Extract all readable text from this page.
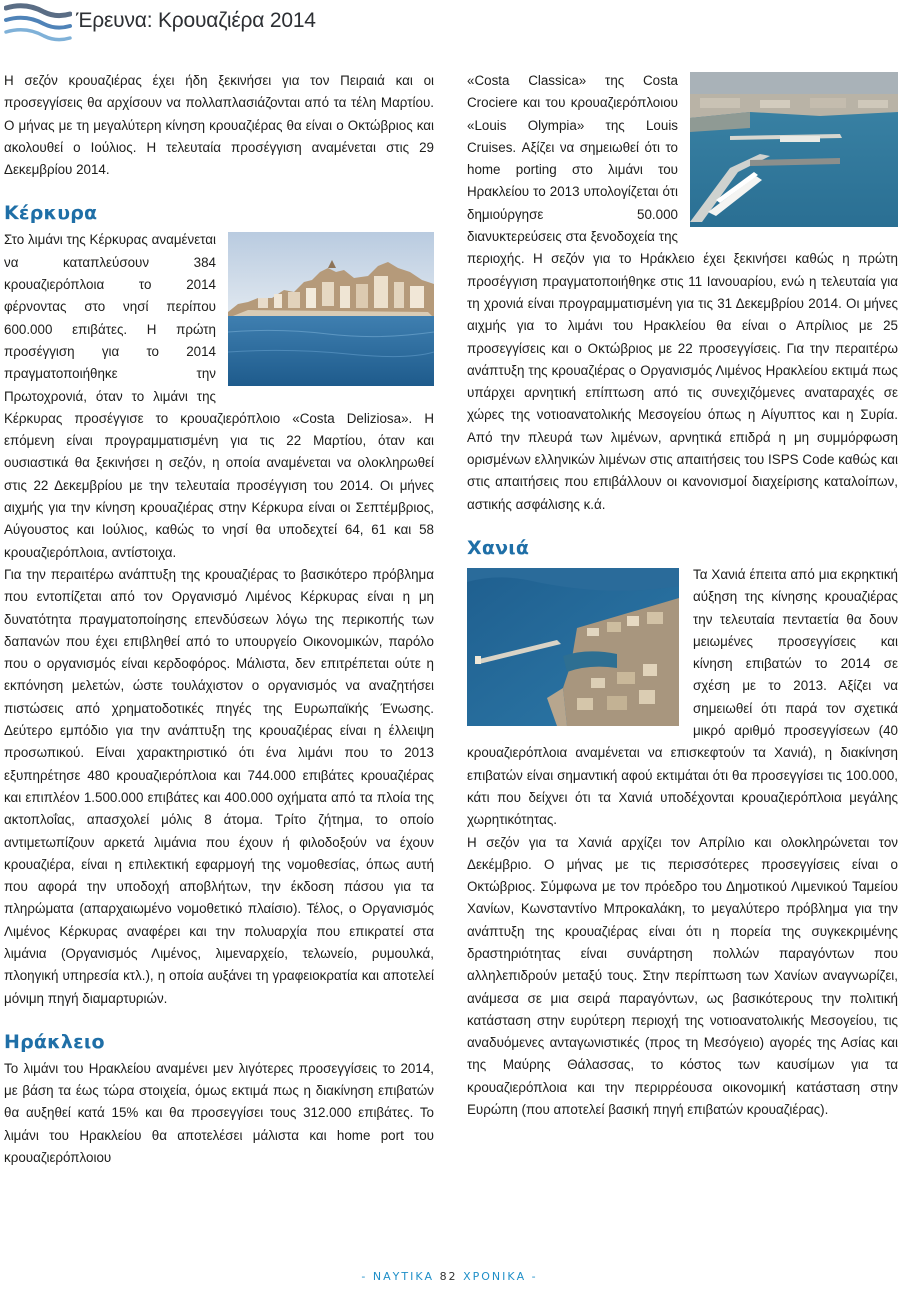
Έρευνα: Κρουαζιέρα 2014

Η σεζόν κρουαζιέρας έχει ήδη ξεκινήσει για τον Πειραιά και οι προσεγγίσεις θα αρχίσουν να πολλαπλασιάζονται από τα τέλη Μαρτίου. Ο μήνας με τη μεγαλύτερη κίνηση κρουαζιέρας θα είναι ο Οκτώβριος και ακολουθεί ο Ιούλιος. Η τελευταία προσέγγιση αναμένεται στις 29 Δεκεμβρίου 2014.

Κέρκυρα

Στο λιμάνι της Κέρκυρας αναμένεται να καταπλεύσουν 384 κρουαζιερόπλοια το 2014 φέρνοντας στο νησί περίπου 600.000 επιβάτες. Η πρώτη προσέγγιση για το 2014 πραγματοποιήθηκε την Πρωτοχρονιά, όταν το λιμάνι της Κέρκυρας προσέγγισε το κρουαζιερόπλοιο «Costa Deliziosa». Η επόμενη είναι προγραμματισμένη για τις 22 Μαρτίου, όταν και ουσιαστικά θα ξεκινήσει η σεζόν, η οποία αναμένεται να ολοκληρωθεί στις 22 Δεκεμβρίου με την τελευταία προσέγγιση του 2014. Οι μήνες αιχμής για την κίνηση κρουαζιέρας στην Κέρκυρα είναι οι Σεπτέμβριος, Αύγουστος και Ιούλιος, καθώς το νησί θα υποδεχτεί 64, 61 και 58 κρουαζιερόπλοια, αντίστοιχα.

Για την περαιτέρω ανάπτυξη της κρουαζιέρας το βασικότερο πρόβλημα που εντοπίζεται από τον Οργανισμό Λιμένος Κέρκυρας είναι η μη δυνατότητα πραγματοποίησης επενδύσεων λόγω της περικοπής των δαπανών που έχει επιβληθεί από το υπουργείο Οικονομικών, παρόλο που ο οργανισμός είναι κερδοφόρος. Μάλιστα, δεν επιτρέπεται ούτε η εκπόνηση μελετών, ώστε τουλάχιστον ο οργανισμός να αναζητήσει πιστώσεις από χρηματοδοτικές πηγές της Ευρωπαϊκής Ένωσης. Δεύτερο εμπόδιο για την ανάπτυξη της κρουαζιέρας είναι η έλλειψη προσωπικού. Είναι χαρακτηριστικό ότι ένα λιμάνι που το 2013 εξυπηρέτησε 480 κρουαζιερόπλοια και 744.000 επιβάτες κρουαζιέρας και επιπλέον 1.500.000 επιβάτες και 400.000 οχήματα από τα πλοία της ακτοπλοΐας, απασχολεί μόλις 8 άτομα. Τρίτο ζήτημα, το οποίο αντιμετωπίζουν αρκετά λιμάνια που έχουν ή φιλοδοξούν να έχουν κρουαζιέρα, είναι η επιλεκτική εφαρμογή της νομοθεσίας, όπως αυτή που αφορά την υποδοχή αποβλήτων, την έκδοση πάσου για τα πληρώματα (απαρχαιωμένο νομοθετικό πλαίσιο). Τέλος, ο Οργανισμός Λιμένος Κέρκυρας αναφέρει και την πολυαρχία που επικρατεί στα λιμάνια (Οργανισμός Λιμένος, λιμεναρχείο, τελωνείο, ρυμουλκά, πλοηγική υπηρεσία κτλ.), η οποία αυξάνει τη γραφειοκρατία και αποτελεί μόνιμη πηγή διαμαρτυριών.

Ηράκλειο

Το λιμάνι του Ηρακλείου αναμένει μεν λιγότερες προσεγγίσεις το 2014, με βάση τα έως τώρα στοιχεία, όμως εκτιμά πως η διακίνηση επιβατών θα αυξηθεί κατά 15% και θα προσεγγίσει τους 312.000 επιβάτες. Το λιμάνι του Ηρακλείου θα αποτελέσει μάλιστα και home port του κρουαζιερόπλοιου

«Costa Classica» της Costa Crociere και του κρουαζιερόπλοιου «Louis Olympia» της Louis Cruises. Αξίζει να σημειωθεί ότι το home porting στο λιμάνι του Ηρακλείου το 2013 υπολογίζεται ότι δημιούργησε 50.000 διανυκτερεύσεις στα ξενοδοχεία της περιοχής. Η σεζόν για το Ηράκλειο έχει ξεκινήσει καθώς η πρώτη προσέγγιση πραγματοποιήθηκε στις 11 Ιανουαρίου, ενώ η τελευταία για τη χρονιά είναι προγραμματισμένη για τις 31 Δεκεμβρίου 2014. Οι μήνες αιχμής για το λιμάνι του Ηρακλείου θα είναι ο Απρίλιος με 25 προσεγγίσεις και ο Οκτώβριος με 22 προσεγγίσεις. Για την περαιτέρω ανάπτυξη της κρουαζιέρας ο Οργανισμός Λιμένος Ηρακλείου εκτιμά πως υπάρχει αρνητική επίπτωση από τις συνεχιζόμενες αναταραχές σε χώρες της νοτιοανατολικής Μεσογείου όπως η Αίγυπτος και η Συρία. Από την πλευρά των λιμένων, αρνητικά επιδρά η μη συμμόρφωση ορισμένων ελληνικών λιμένων στις απαιτήσεις του ISPS Code καθώς και στις απαιτήσεις που επιβάλλουν οι κανονισμοί διαχείρισης καταλοίπων, αστικής ασφάλισης κ.ά.

Χανιά

Τα Χανιά έπειτα από μια εκρηκτική αύξηση της κίνησης κρουαζιέρας την τελευταία πενταετία θα δουν μειωμένες προσεγγίσεις και κίνηση επιβατών το 2014 σε σχέση με το 2013. Αξίζει να σημειωθεί ότι παρά τον σχετικά μικρό αριθμό προσεγγίσεων (40 κρουαζιερόπλοια αναμένεται να επισκεφτούν τα Χανιά), η διακίνηση επιβατών είναι σημαντική αφού εκτιμάται ότι θα προσεγγίσει τις 100.000, κάτι που δείχνει ότι τα Χανιά υποδέχονται κρουαζιερόπλοια μεγάλης χωρητικότητας.

Η σεζόν για τα Χανιά αρχίζει τον Απρίλιο και ολοκληρώνεται τον Δεκέμβριο. Ο μήνας με τις περισσότερες προσεγγίσεις είναι ο Οκτώβριος. Σύμφωνα με τον πρόεδρο του Δημοτικού Λιμενικού Ταμείου Χανίων, Κωνσταντίνο Μπροκαλάκη, το μεγαλύτερο πρόβλημα για την ανάπτυξη της κρουαζιέρας είναι ότι η πορεία της συγκεκριμένης δραστηριότητας είναι συνάρτηση πολλών παραγόντων που αλληλεπιδρούν μεταξύ τους. Στην περίπτωση των Χανίων αναγνωρίζει, ανάμεσα σε μια σειρά παραγόντων, ως βασικότερους την πολιτική κατάσταση στην ευρύτερη περιοχή της νοτιοανατολικής Μεσογείου, τις αναδυόμενες ανταγωνιστικές (προς τη Μεσόγειο) αγορές της Ασίας και της Μαύρης Θάλασσας, το κόστος των καυσίμων για τα κρουαζιερόπλοια και την περιρρέουσα οικονομική κατάσταση στην Ευρώπη (που αποτελεί βασική πηγή επιβατών κρουαζιέρας).

- ΝΑΥΤΙΚΑ 82 ΧΡΟΝΙΚΑ -
